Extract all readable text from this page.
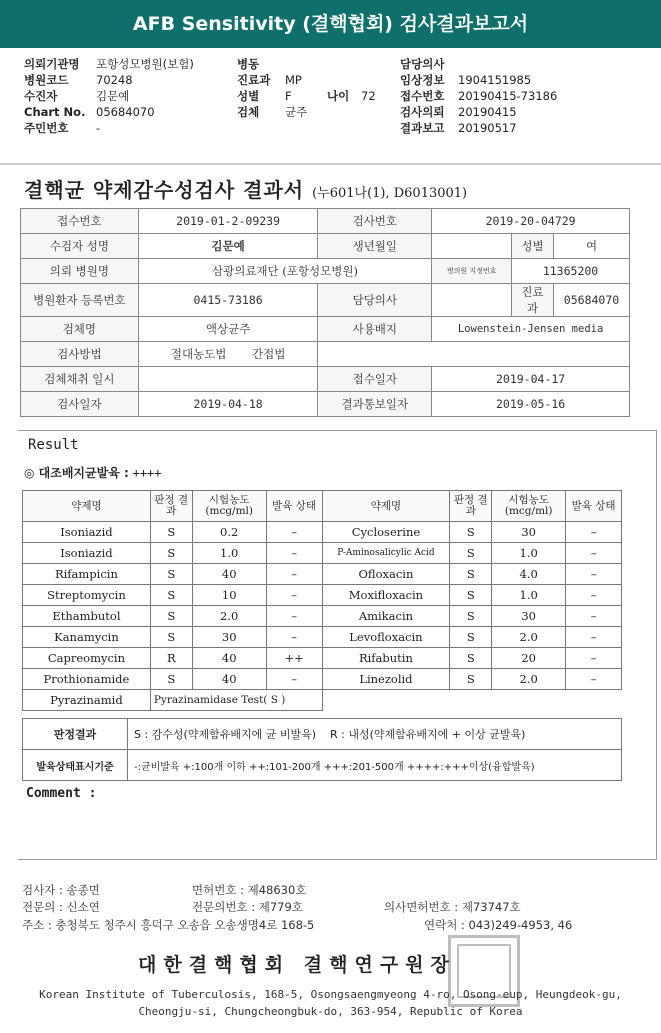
AFB Sensitivity (결핵협회) 검사결과보고서
의뢰기관명 포항성모병원(보험)
병원코드 70248
수진자	김문예
Chart No. 05684070
주민번호 -
병동
진료과 MP
성별 F	나이 72
검체 균주
담당의사
임상정보 1904151985
접수번호 20190415-73186
검사의뢰 20190415
결과보고 20190517
결핵균 약제감수성검사 결과서 (누601나(1), D6013001)
접수번호	2019-01-2-09239	검사번호	2019-20-04729		
수검자 성명	김문예	생년월일		성별	여
의뢰 병원명	삼광의료재단 (포항성모병원)		병의원 지정번호	11365200	
병원환자 등록번호	0415-73186	담당의사		진료과	05684070
검체명	액상균주	사용배지	Lowenstein-Jensen media		
검사방법	절대농도법 간접법				
검체채취 일시		접수일자	2019-04-17		
검사일자	2019-04-18	결과통보일자	2019-05-16		
Result
◎ 대조배지균발육 : ++++
약제명	판정 결과	시험농도 (mcg/ml)	발육 상태	약제명	판정 결과	시험농도 (mcg/ml)	발육 상태
Isoniazid	S	0.2	–	Cycloserine	S	30	–
Isoniazid	S	1.0	–	P-Aminosalicylic Acid	S	1.0	–
Rifampicin	S	40	–	Ofloxacin	S	4.0	–
Streptomycin	S	10	–	Moxifloxacin	S	1.0	–
Ethambutol	S	2.0	–	Amikacin	S	30	–
Kanamycin	S	30	–	Levofloxacin	S	2.0	–
Capreomycin	R	40	++	Rifabutin	S	20	–
Prothionamide	S	40	–	Linezolid	S	2.0	–
Pyrazinamid	Pyrazinamidase Test( S )						
판정결과	S : 감수성(약제함유배지에 균 비발육) R : 내성(약제함유배지에 + 이상 균발육)
발육상태표시기준	-:균비발육 +:100개 이하 ++:101-200개 +++:201-500개 ++++:+++이상(융합발육)
Comment :
검사자 : 송종면	면허번호 : 제48630호
전문의 : 신소연	전문의번호 : 제779호	의사면허번호 : 제73747호
주소 : 충청북도 청주시 흥덕구 오송읍 오송생명4로 168-5	연락처 : 043)249-4953, 46
대한결핵협회 결핵연구원장
Korean Institute of Tuberculosis, 168-5, Osongsaengmyeong 4-ro, Osong-eup, Heungdeok-gu,
Cheongju-si, Chungcheongbuk-do, 363-954, Republic of Korea
